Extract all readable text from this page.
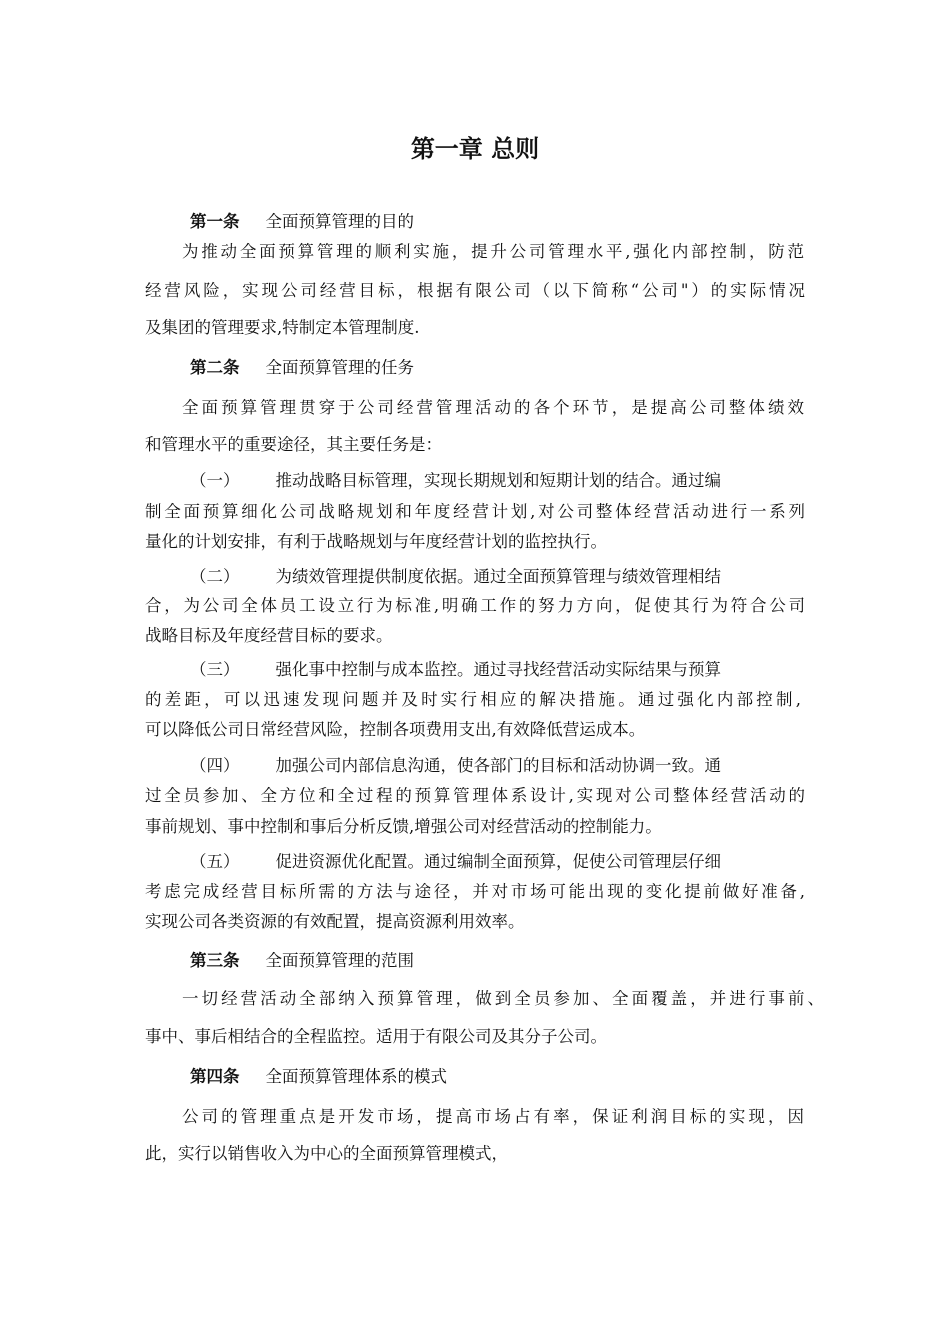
第一章 总则
第一条 全面预算管理的目的
为推动全面预算管理的顺利实施，提升公司管理水平,强化内部控制，防范
经营风险，实现公司经营目标，根据有限公司（以下简称“公司"）的实际情况
及集团的管理要求,特制定本管理制度.
第二条 全面预算管理的任务
全面预算管理贯穿于公司经营管理活动的各个环节，是提高公司整体绩效
和管理水平的重要途径，其主要任务是：
（一） 推动战略目标管理，实现长期规划和短期计划的结合。通过编
制全面预算细化公司战略规划和年度经营计划,对公司整体经营活动进行一系列
量化的计划安排，有利于战略规划与年度经营计划的监控执行。
（二） 为绩效管理提供制度依据。通过全面预算管理与绩效管理相结
合，为公司全体员工设立行为标准,明确工作的努力方向，促使其行为符合公司
战略目标及年度经营目标的要求。
（三） 强化事中控制与成本监控。通过寻找经营活动实际结果与预算
的差距，可以迅速发现问题并及时实行相应的解决措施。通过强化内部控制,
可以降低公司日常经营风险，控制各项费用支出,有效降低营运成本。
（四） 加强公司内部信息沟通，使各部门的目标和活动协调一致。通
过全员参加、全方位和全过程的预算管理体系设计,实现对公司整体经营活动的
事前规划、事中控制和事后分析反馈,增强公司对经营活动的控制能力。
（五） 促进资源优化配置。通过编制全面预算，促使公司管理层仔细
考虑完成经营目标所需的方法与途径，并对市场可能出现的变化提前做好准备,
实现公司各类资源的有效配置，提高资源利用效率。
第三条 全面预算管理的范围
一切经营活动全部纳入预算管理，做到全员参加、全面覆盖，并进行事前、
事中、事后相结合的全程监控。适用于有限公司及其分子公司。
第四条 全面预算管理体系的模式
公司的管理重点是开发市场，提高市场占有率，保证利润目标的实现，因
此，实行以销售收入为中心的全面预算管理模式，
